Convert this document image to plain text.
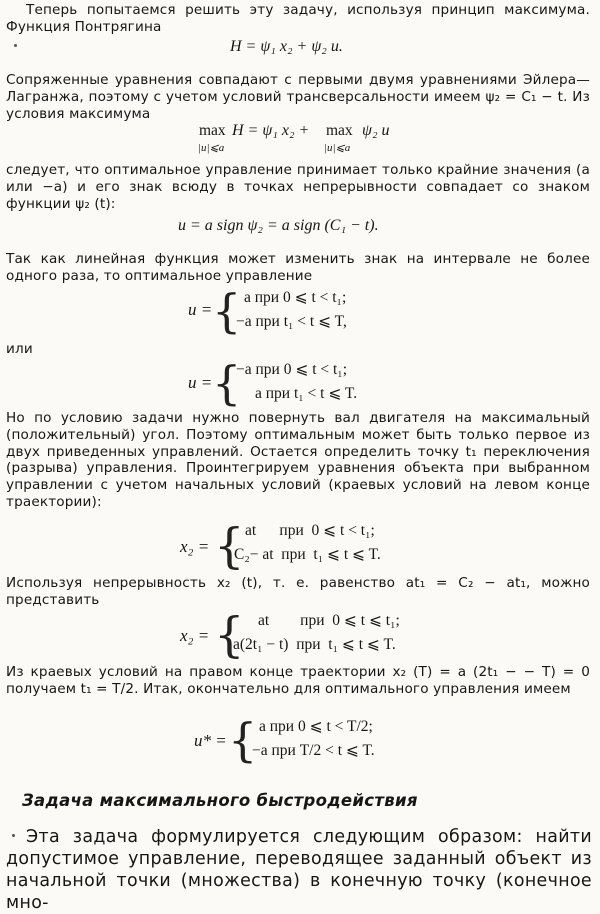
Теперь попытаемся решить эту задачу, используя принцип максимума. Функция Понтрягина

H = ψ₁ x₂ + ψ₂ u.

Сопряженные уравнения совпадают с первыми двумя уравнениями Эйлера—Лагранжа, поэтому с учетом условий трансверсальности имеем ψ₂ = C₁ − t. Из условия максимума

max H = ψ₁ x₂ + max ψ₂ u
|u|⩽a	|u|⩽a

следует, что оптимальное управление принимает только крайние значения (a или −a) и его знак всюду в точках непрерывности совпадает со знаком функции ψ₂ (t):

u = a sign ψ₂ = a sign (C₁ − t).

Так как линейная функция может изменить знак на интервале не более одного раза, то оптимальное управление

u = { a при 0 ⩽ t < t₁;
−a при t₁ < t ⩽ T,

или

u = {
−a при 0 ⩽ t < t₁;
a при t₁ < t ⩽ T.

Но по условию задачи нужно повернуть вал двигателя на максимальный (положительный) угол. Поэтому оптимальным может быть только первое из двух приведенных управлений. Остается определить точку t₁ переключения (разрыва) управления. Проинтегрируем уравнения объекта при выбранном управлении с учетом начальных условий (краевых условий на левом конце траектории):

x₂ = { at      при  0 ⩽ t < t₁;
C₂− at  при  t₁ ⩽ t ⩽ T.

Используя непрерывность x₂ (t), т. е. равенство at₁ = C₂ − at₁, можно представить

x₂ = { at        при  0 ⩽ t ⩽ t₁;
a(2t₁ − t)  при  t₁ ⩽ t ⩽ T.

Из краевых условий на правом конце траектории x₂ (T) = a (2t₁ − − T) = 0 получаем t₁ = T/2. Итак, окончательно для оптимального управления имеем

u* = { a при 0 ⩽ t < T/2;
−a при T/2 < t ⩽ T.
Задача максимального быстродействия

Эта задача формулируется следующим образом: найти допустимое управление, переводящее заданный объект из начальной точки (множества) в конечную точку (конечное мно-
